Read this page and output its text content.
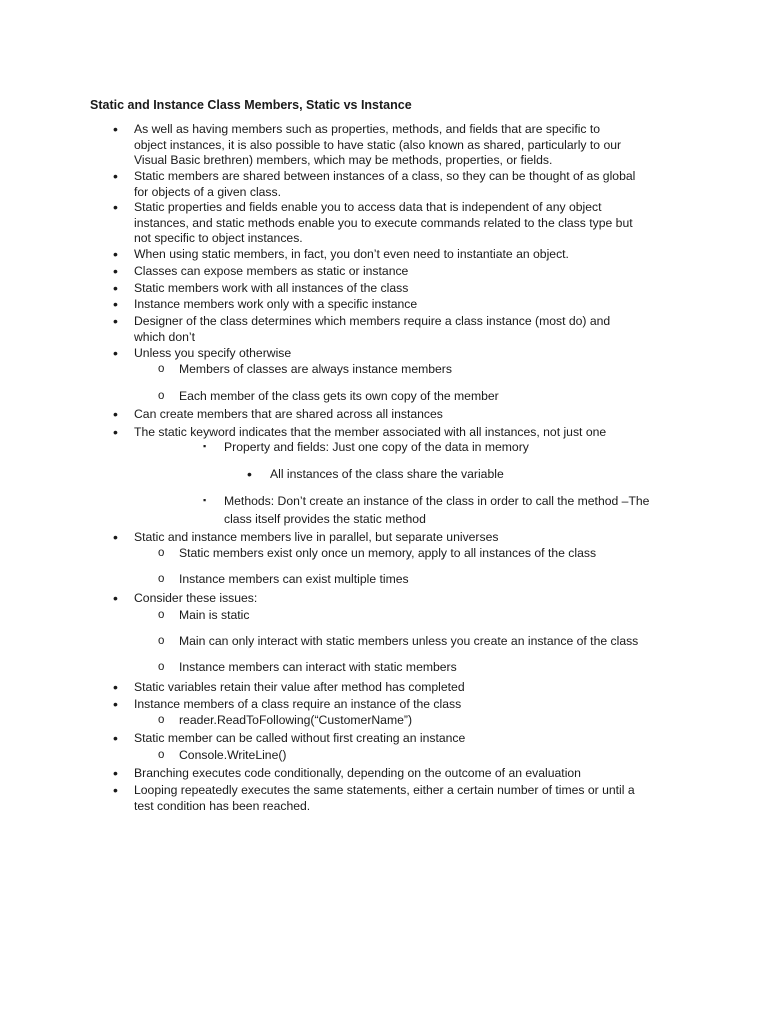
Static and Instance Class Members, Static vs Instance
• As well as having members such as properties, methods, and fields that are specific to
object instances, it is also possible to have static (also known as shared, particularly to our
Visual Basic brethren) members, which may be methods, properties, or fields.
• Static members are shared between instances of a class, so they can be thought of as global
for objects of a given class.
• Static properties and fields enable you to access data that is independent of any object
instances, and static methods enable you to execute commands related to the class type but
not specific to object instances.
• When using static members, in fact, you don’t even need to instantiate an object.
• Classes can expose members as static or instance
• Static members work with all instances of the class
• Instance members work only with a specific instance
• Designer of the class determines which members require a class instance (most do) and
which don’t
• Unless you specify otherwise
o Members of classes are always instance members
o Each member of the class gets its own copy of the member
• Can create members that are shared across all instances
• The static keyword indicates that the member associated with all instances, not just one
▪ Property and fields: Just one copy of the data in memory
• All instances of the class share the variable
▪ Methods: Don’t create an instance of the class in order to call the method –The
class itself provides the static method
• Static and instance members live in parallel, but separate universes
o Static members exist only once un memory, apply to all instances of the class
o Instance members can exist multiple times
• Consider these issues:
o Main is static
o Main can only interact with static members unless you create an instance of the class
o Instance members can interact with static members
• Static variables retain their value after method has completed
• Instance members of a class require an instance of the class
o reader.ReadToFollowing(“CustomerName”)
• Static member can be called without first creating an instance
o Console.WriteLine()
• Branching executes code conditionally, depending on the outcome of an evaluation
• Looping repeatedly executes the same statements, either a certain number of times or until a
test condition has been reached.
